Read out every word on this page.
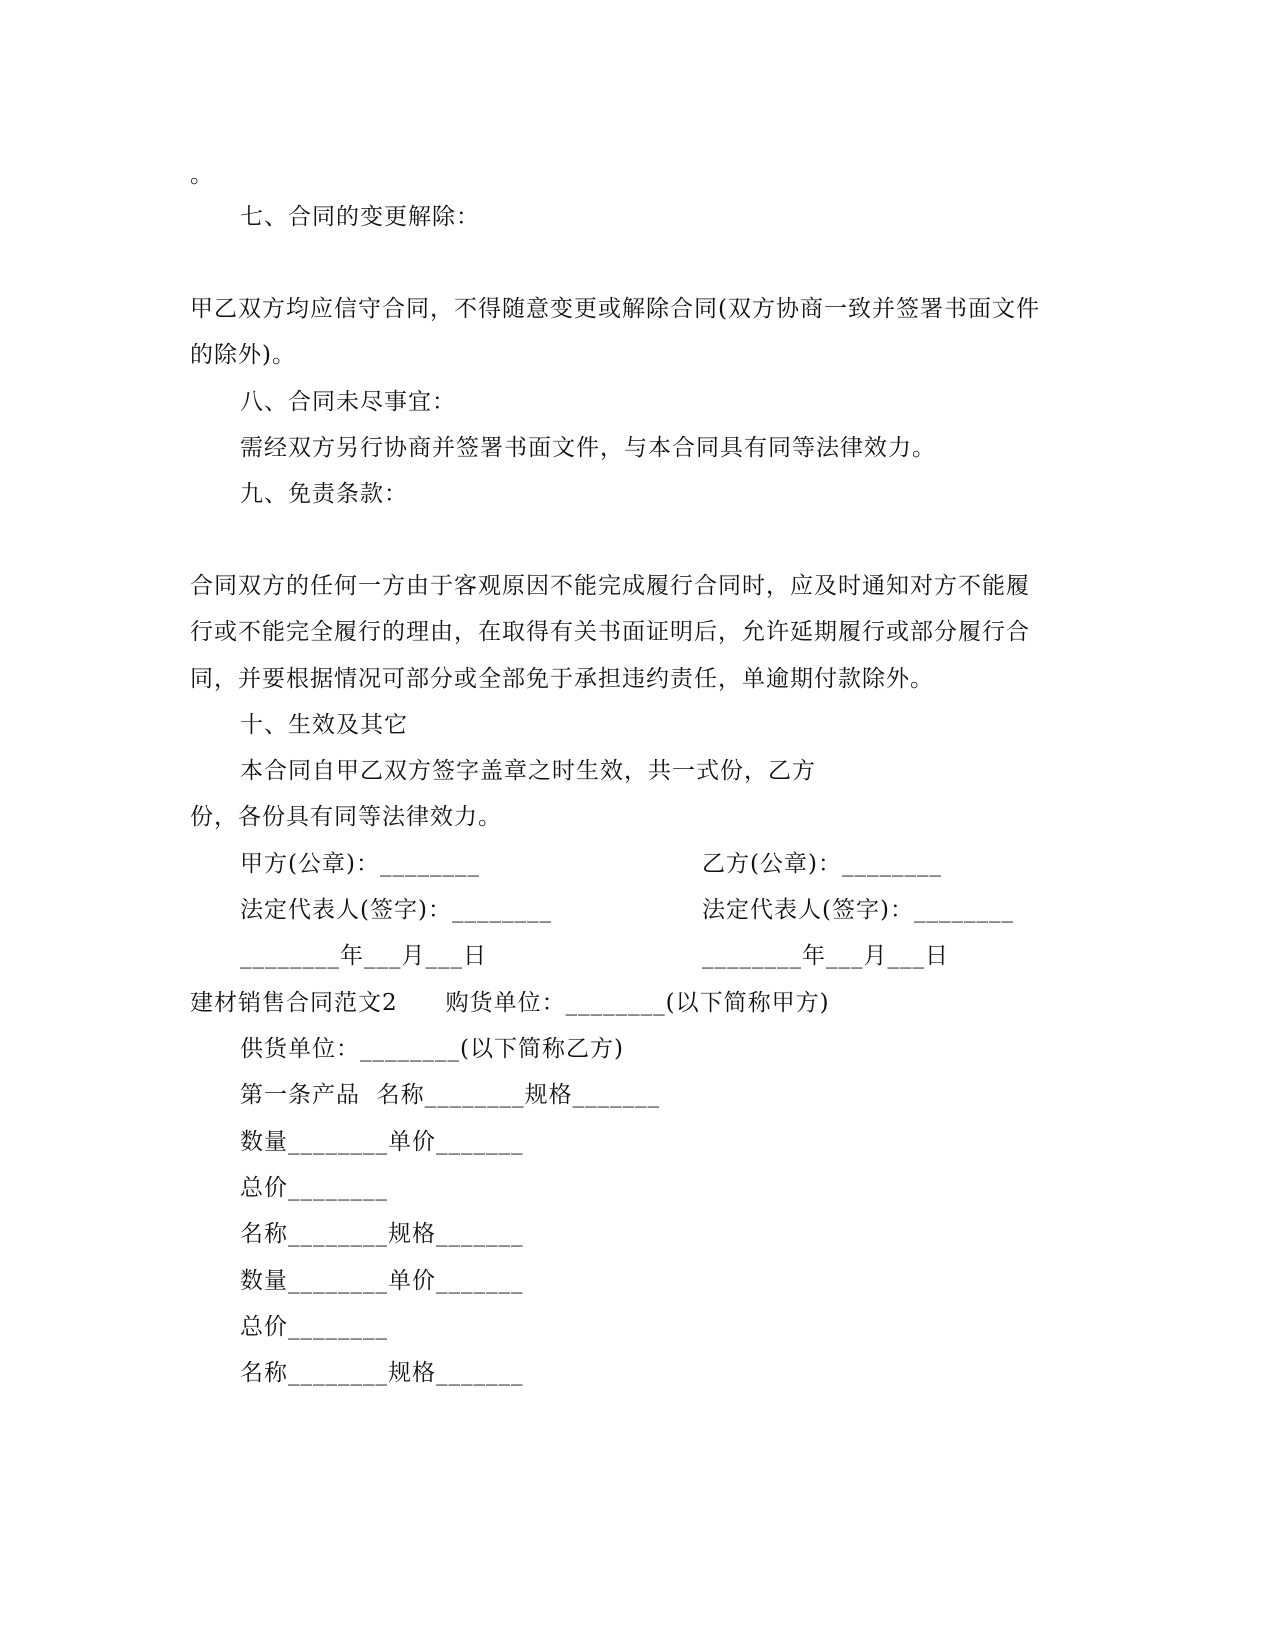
。
七、合同的变更解除：
甲乙双方均应信守合同，不得随意变更或解除合同(双方协商一致并签署书面文件
的除外)。
八、合同未尽事宜：
需经双方另行协商并签署书面文件，与本合同具有同等法律效力。
九、免责条款：
合同双方的任何一方由于客观原因不能完成履行合同时，应及时通知对方不能履
行或不能完全履行的理由，在取得有关书面证明后，允许延期履行或部分履行合
同，并要根据情况可部分或全部免于承担违约责任，单逾期付款除外。
十、生效及其它
本合同自甲乙双方签字盖章之时生效，共一式份，乙方
份，各份具有同等法律效力。
甲方(公章)：________	乙方(公章)：________
法定代表人(签字)：________	法定代表人(签字)：________
________年___月___日	________年___月___日
建材销售合同范文2　　购货单位：________(以下简称甲方)
供货单位：________(以下简称乙方)
第一条产品  名称________规格_______
数量________单价_______
总价________
名称________规格_______
数量________单价_______
总价________
名称________规格_______
